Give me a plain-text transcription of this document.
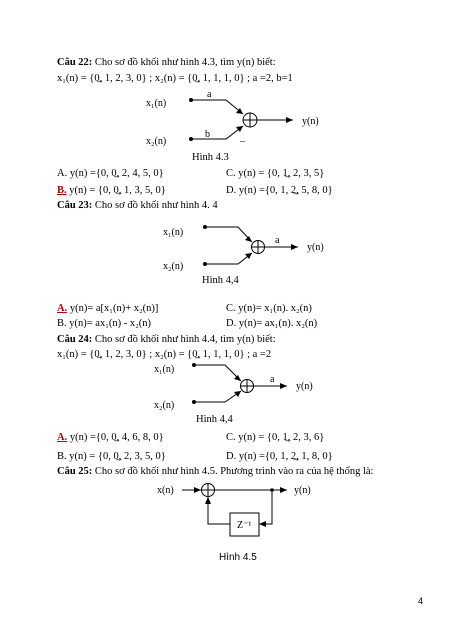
Câu 22: Cho sơ đồ khối như hình 4.3, tìm y(n) biết:
x₁(n) = {0̲, 1, 2, 3, 0} ; x₂(n) = {0̲, 1, 1, 1, 0} ; a =2, b=1
x₁(n)
x₂(n)
a
b
–
y(n)
Hình 4.3
x₁(n)
x₂(n)
a
y(n)
Hình 4,4
x₁(n)
x₂(n)
a
y(n)
Hình 4,4
x(n)	y(n)
Z⁻¹
Hình 4.5
A. y(n) ={0, 0̲, 2, 4, 5, 0}	C. y(n) = {0, 1̲, 2, 3, 5}
B. y(n) = {0, 0̲, 1, 3, 5, 0}	D. y(n) ={0, 1, 2̲, 5, 8, 0}
Câu 23: Cho sơ đồ khối như hình 4. 4
A. y(n)= a[x₁(n)+ x₂(n)]	C. y(n)= x₁(n). x₂(n)
B. y(n)= ax₁(n) - x₂(n)	D. y(n)= ax₁(n). x₂(n)
Câu 24: Cho sơ đồ khối như hình 4.4, tìm y(n) biết:
x₁(n) = {0̲, 1, 2, 3, 0} ; x₂(n) = {0̲, 1, 1, 1, 0} ; a =2
A. y(n) ={0, 0̲, 4, 6, 8, 0}	C. y(n) = {0, 1̲, 2, 3, 6}
B. y(n) = {0, 0̲, 2, 3, 5, 0}	D. y(n) ={0, 1, 2̲, 1, 8, 0}
Câu 25: Cho sơ đồ khối như hình 4.5. Phương trình vào ra của hệ thống là:
4
